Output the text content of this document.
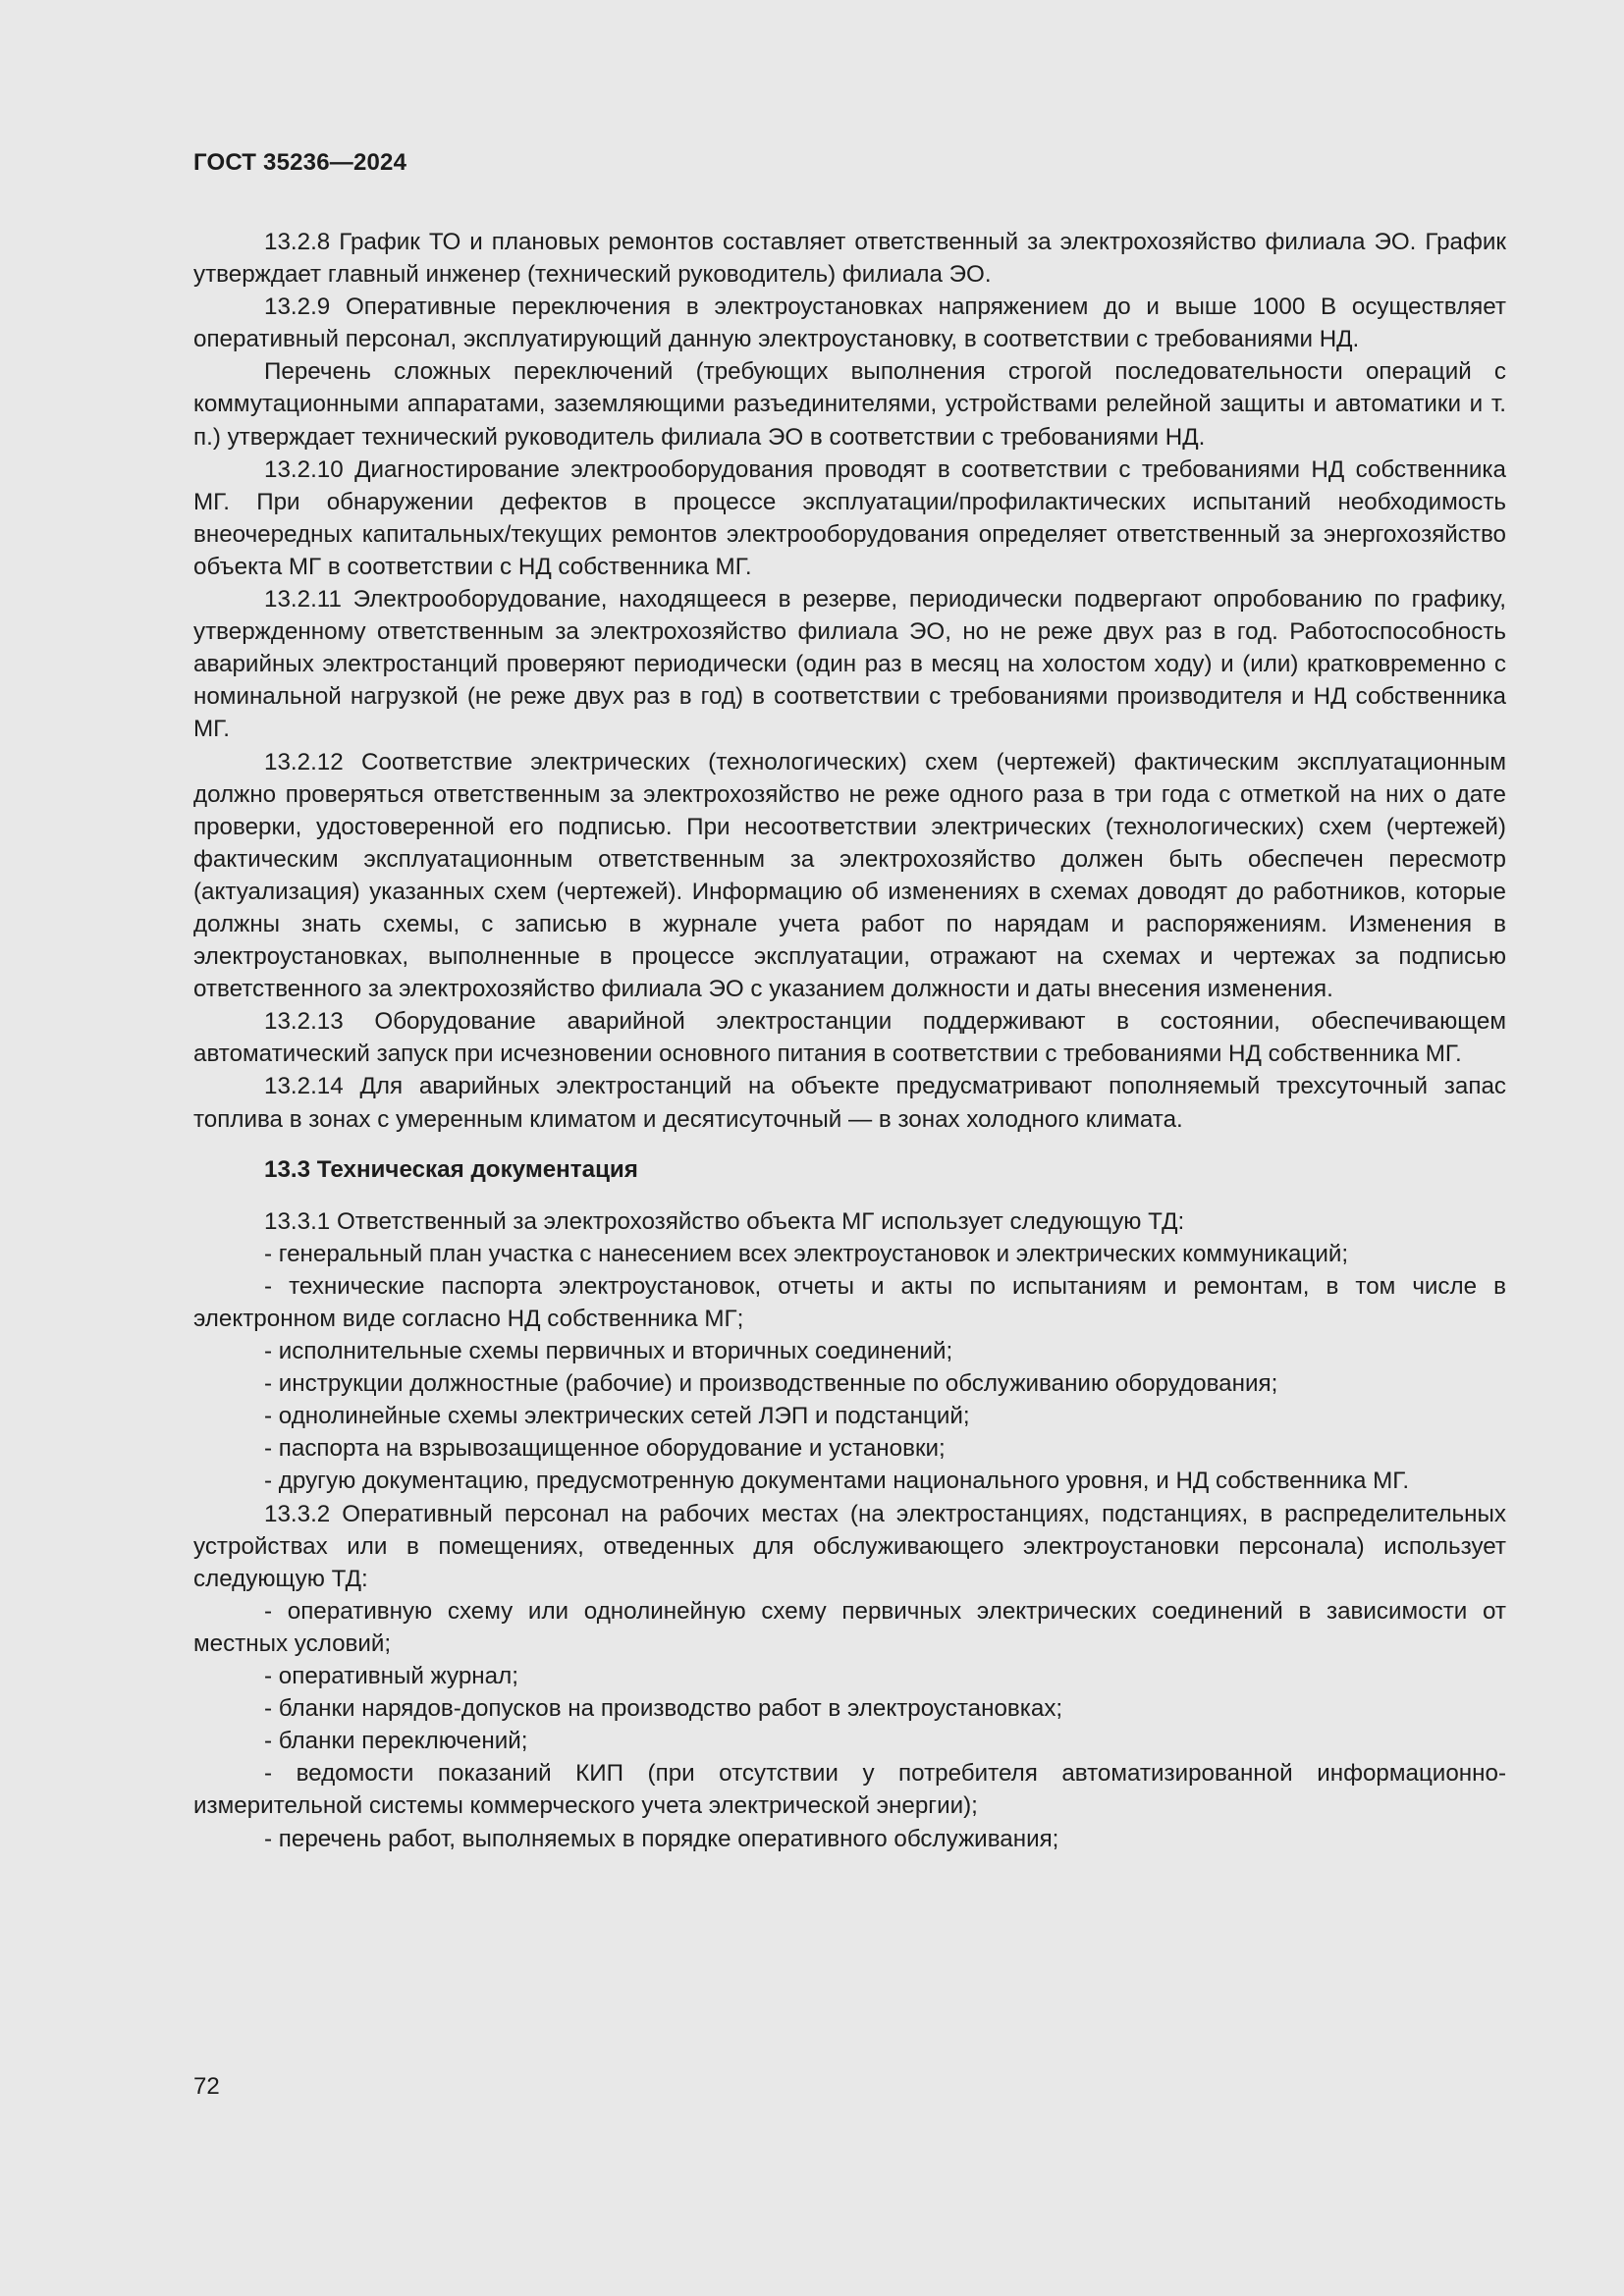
ГОСТ 35236—2024

13.2.8 График ТО и плановых ремонтов составляет ответственный за электрохозяйство филиала ЭО. График утверждает главный инженер (технический руководитель) филиала ЭО.

13.2.9 Оперативные переключения в электроустановках напряжением до и выше 1000 В осуществляет оперативный персонал, эксплуатирующий данную электроустановку, в соответствии с требованиями НД.

Перечень сложных переключений (требующих выполнения строгой последовательности операций с коммутационными аппаратами, заземляющими разъединителями, устройствами релейной защиты и автоматики и т. п.) утверждает технический руководитель филиала ЭО в соответствии с требованиями НД.

13.2.10 Диагностирование электрооборудования проводят в соответствии с требованиями НД собственника МГ. При обнаружении дефектов в процессе эксплуатации/профилактических испытаний необходимость внеочередных капитальных/текущих ремонтов электрооборудования определяет ответственный за энергохозяйство объекта МГ в соответствии с НД собственника МГ.

13.2.11 Электрооборудование, находящееся в резерве, периодически подвергают опробованию по графику, утвержденному ответственным за электрохозяйство филиала ЭО, но не реже двух раз в год. Работоспособность аварийных электростанций проверяют периодически (один раз в месяц на холостом ходу) и (или) кратковременно с номинальной нагрузкой (не реже двух раз в год) в соответствии с требованиями производителя и НД собственника МГ.

13.2.12 Соответствие электрических (технологических) схем (чертежей) фактическим эксплуатационным должно проверяться ответственным за электрохозяйство не реже одного раза в три года с отметкой на них о дате проверки, удостоверенной его подписью. При несоответствии электрических (технологических) схем (чертежей) фактическим эксплуатационным ответственным за электрохозяйство должен быть обеспечен пересмотр (актуализация) указанных схем (чертежей). Информацию об изменениях в схемах доводят до работников, которые должны знать схемы, с записью в журнале учета работ по нарядам и распоряжениям. Изменения в электроустановках, выполненные в процессе эксплуатации, отражают на схемах и чертежах за подписью ответственного за электрохозяйство филиала ЭО с указанием должности и даты внесения изменения.

13.2.13 Оборудование аварийной электростанции поддерживают в состоянии, обеспечивающем автоматический запуск при исчезновении основного питания в соответствии с требованиями НД собственника МГ.

13.2.14 Для аварийных электростанций на объекте предусматривают пополняемый трехсуточный запас топлива в зонах с умеренным климатом и десятисуточный — в зонах холодного климата.

13.3 Техническая документация

13.3.1 Ответственный за электрохозяйство объекта МГ использует следующую ТД:

- генеральный план участка с нанесением всех электроустановок и электрических коммуникаций;

- технические паспорта электроустановок, отчеты и акты по испытаниям и ремонтам, в том числе в электронном виде согласно НД собственника МГ;

- исполнительные схемы первичных и вторичных соединений;

- инструкции должностные (рабочие) и производственные по обслуживанию оборудования;

- однолинейные схемы электрических сетей ЛЭП и подстанций;

- паспорта на взрывозащищенное оборудование и установки;

- другую документацию, предусмотренную документами национального уровня, и НД собственника МГ.

13.3.2 Оперативный персонал на рабочих местах (на электростанциях, подстанциях, в распределительных устройствах или в помещениях, отведенных для обслуживающего электроустановки персонала) использует следующую ТД:

- оперативную схему или однолинейную схему первичных электрических соединений в зависимости от местных условий;

- оперативный журнал;

- бланки нарядов-допусков на производство работ в электроустановках;

- бланки переключений;

- ведомости показаний КИП (при отсутствии у потребителя автоматизированной информационно-измерительной системы коммерческого учета электрической энергии);

- перечень работ, выполняемых в порядке оперативного обслуживания;

72
